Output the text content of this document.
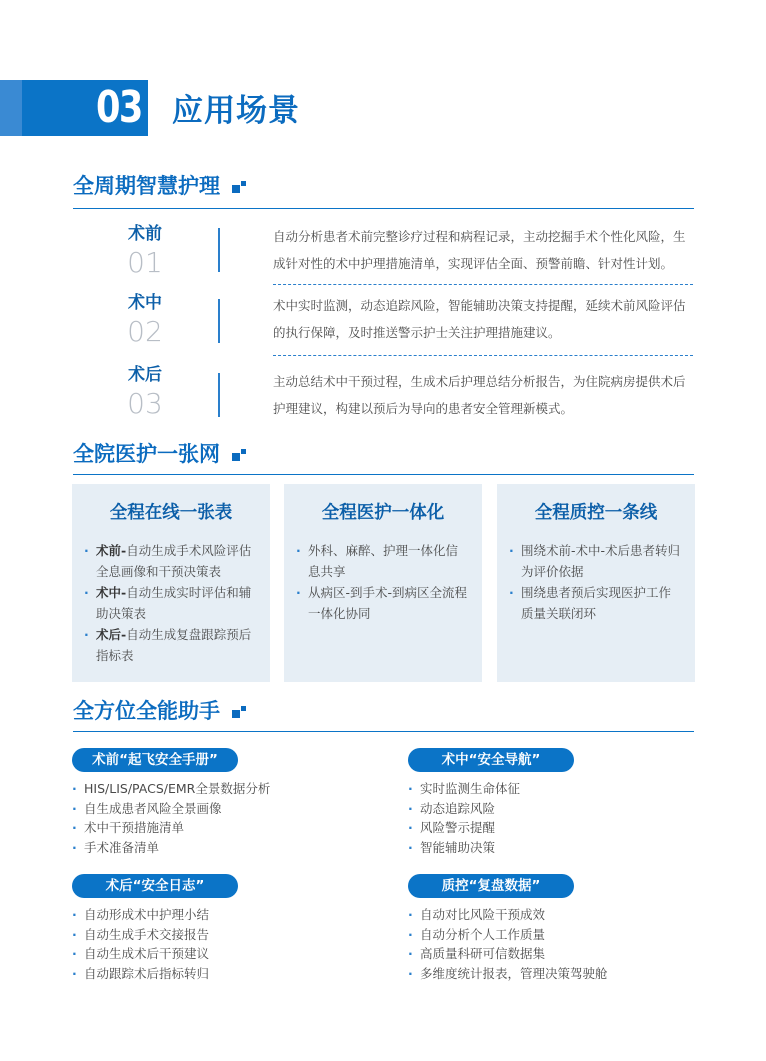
03 应用场景
全周期智慧护理
术前
01
自动分析患者术前完整诊疗过程和病程记录，主动挖掘手术个性化风险，生成针对性的术中护理措施清单，实现评估全面、预警前瞻、针对性计划。
术中
02
术中实时监测，动态追踪风险，智能辅助决策支持提醒，延续术前风险评估的执行保障，及时推送警示护士关注护理措施建议。
术后
03
主动总结术中干预过程，生成术后护理总结分析报告，为住院病房提供术后护理建议，构建以预后为导向的患者安全管理新模式。
全院医护一张网
全程在线一张表
· 术前-自动生成手术风险评估全息画像和干预决策表
· 术中-自动生成实时评估和辅助决策表
· 术后-自动生成复盘跟踪预后指标表
全程医护一体化
· 外科、麻醉、护理一体化信息共享
· 从病区-到手术-到病区全流程一体化协同
全程质控一条线
· 围绕术前-术中-术后患者转归为评价依据
· 围绕患者预后实现医护工作质量关联闭环
全方位全能助手
术前“起飞安全手册”
· HIS/LIS/PACS/EMR全景数据分析
· 自生成患者风险全景画像
· 术中干预措施清单
· 手术准备清单
术中“安全导航”
· 实时监测生命体征
· 动态追踪风险
· 风险警示提醒
· 智能辅助决策
术后“安全日志”
· 自动形成术中护理小结
· 自动生成手术交接报告
· 自动生成术后干预建议
· 自动跟踪术后指标转归
质控“复盘数据”
· 自动对比风险干预成效
· 自动分析个人工作质量
· 高质量科研可信数据集
· 多维度统计报表，管理决策驾驶舱
